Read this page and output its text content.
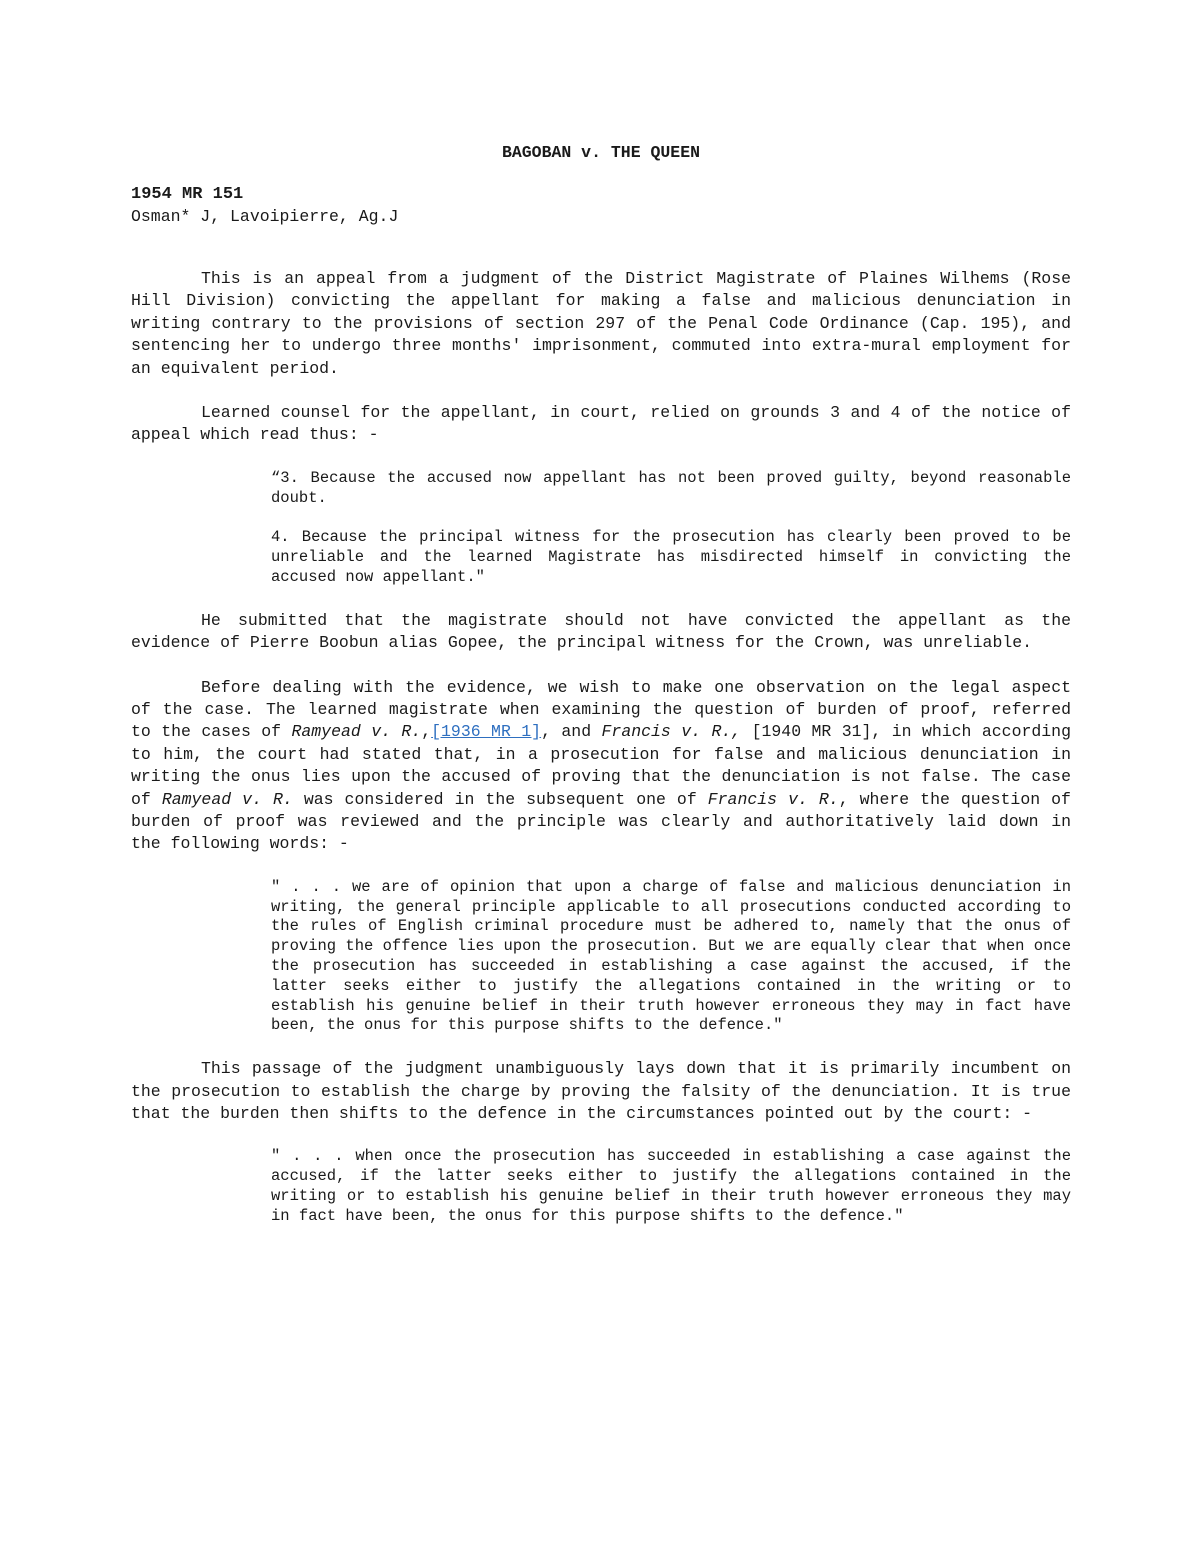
BAGOBAN v. THE QUEEN
1954 MR 151
Osman* J, Lavoipierre, Ag.J

This is an appeal from a judgment of the District Magistrate of Plaines Wilhems (Rose Hill Division) convicting the appellant for making a false and malicious denunciation in writing contrary to the provisions of section 297 of the Penal Code Ordinance (Cap. 195), and sentencing her to undergo three months' imprisonment, commuted into extra-mural employment for an equivalent period.

Learned counsel for the appellant, in court, relied on grounds 3 and 4 of the notice of appeal which read thus: -

“3. Because the accused now appellant has not been proved guilty, beyond reasonable doubt.

4. Because the principal witness for the prosecution has clearly been proved to be unreliable and the learned Magistrate has misdirected himself in convicting the accused now appellant."

He submitted that the magistrate should not have convicted the appellant as the evidence of Pierre Boobun alias Gopee, the principal witness for the Crown, was unreliable.

Before dealing with the evidence, we wish to make one observation on the legal aspect of the case. The learned magistrate when examining the question of burden of proof, referred to the cases of Ramyead v. R.,[1936 MR 1], and Francis v. R., [1940 MR 31], in which according to him, the court had stated that, in a prosecution for false and malicious denunciation in writing the onus lies upon the accused of proving that the denunciation is not false. The case of Ramyead v. R. was considered in the subsequent one of Francis v. R., where the question of burden of proof was reviewed and the principle was clearly and authoritatively laid down in the following words: -

" . . . we are of opinion that upon a charge of false and malicious denunciation in writing, the general principle applicable to all prosecutions conducted according to the rules of English criminal procedure must be adhered to, namely that the onus of proving the offence lies upon the prosecution. But we are equally clear that when once the prosecution has succeeded in establishing a case against the accused, if the latter seeks either to justify the allegations contained in the writing or to establish his genuine belief in their truth however erroneous they may in fact have been, the onus for this purpose shifts to the defence."

This passage of the judgment unambiguously lays down that it is primarily incumbent on the prosecution to establish the charge by proving the falsity of the denunciation. It is true that the burden then shifts to the defence in the circumstances pointed out by the court: -

" . . . when once the prosecution has succeeded in establishing a case against the accused, if the latter seeks either to justify the allegations contained in the writing or to establish his genuine belief in their truth however erroneous they may in fact have been, the onus for this purpose shifts to the defence."
